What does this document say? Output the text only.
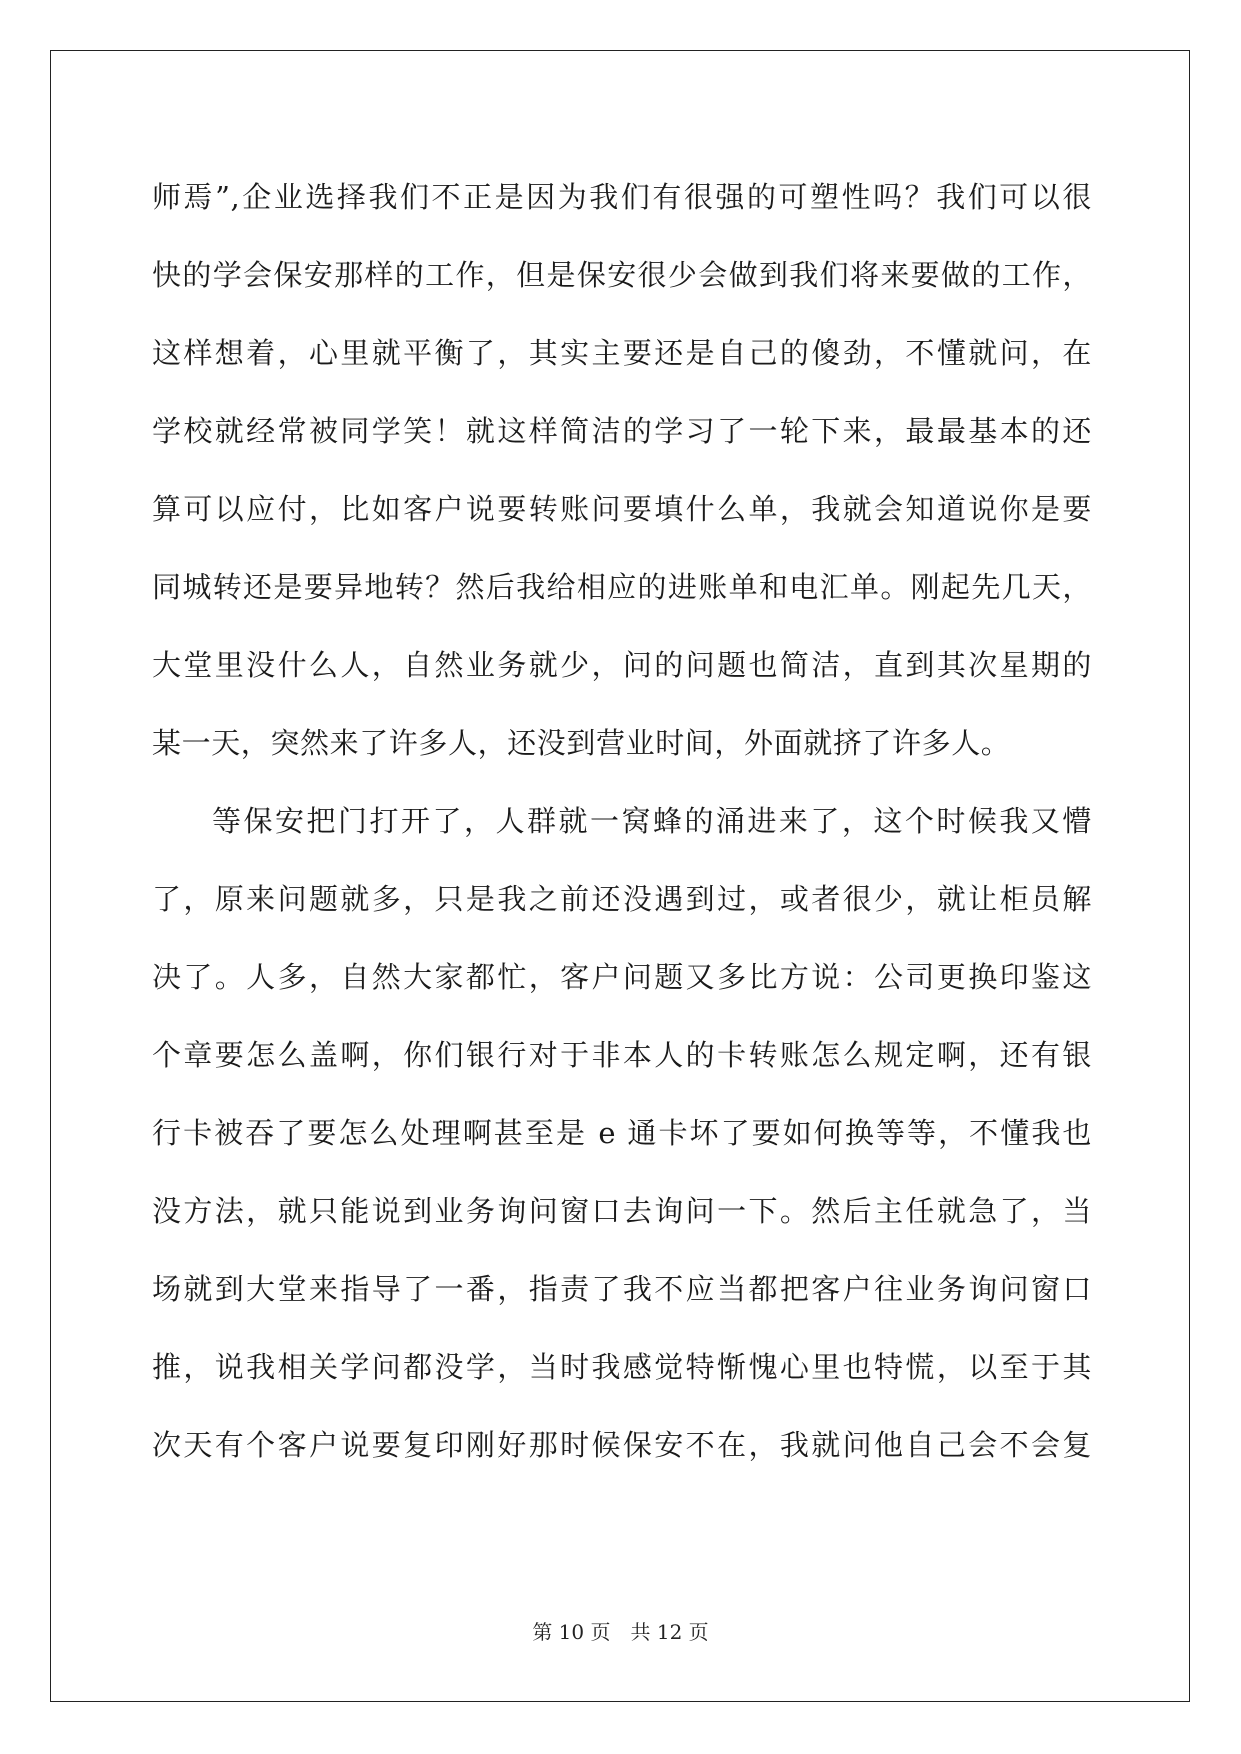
师焉”,企业选择我们不正是因为我们有很强的可塑性吗？我们可以很
快的学会保安那样的工作，但是保安很少会做到我们将来要做的工作，
这样想着，心里就平衡了，其实主要还是自己的傻劲，不懂就问，在
学校就经常被同学笑！就这样简洁的学习了一轮下来，最最基本的还
算可以应付，比如客户说要转账问要填什么单，我就会知道说你是要
同城转还是要异地转？然后我给相应的进账单和电汇单。刚起先几天，
大堂里没什么人，自然业务就少，问的问题也简洁，直到其次星期的
某一天，突然来了许多人，还没到营业时间，外面就挤了许多人。
等保安把门打开了，人群就一窝蜂的涌进来了，这个时候我又懵
了，原来问题就多，只是我之前还没遇到过，或者很少，就让柜员解
决了。人多，自然大家都忙，客户问题又多比方说：公司更换印鉴这
个章要怎么盖啊，你们银行对于非本人的卡转账怎么规定啊，还有银
行卡被吞了要怎么处理啊甚至是 e 通卡坏了要如何换等等，不懂我也
没方法，就只能说到业务询问窗口去询问一下。然后主任就急了，当
场就到大堂来指导了一番，指责了我不应当都把客户往业务询问窗口
推，说我相关学问都没学，当时我感觉特惭愧心里也特慌，以至于其
次天有个客户说要复印刚好那时候保安不在，我就问他自己会不会复
第 10 页　共 12 页
